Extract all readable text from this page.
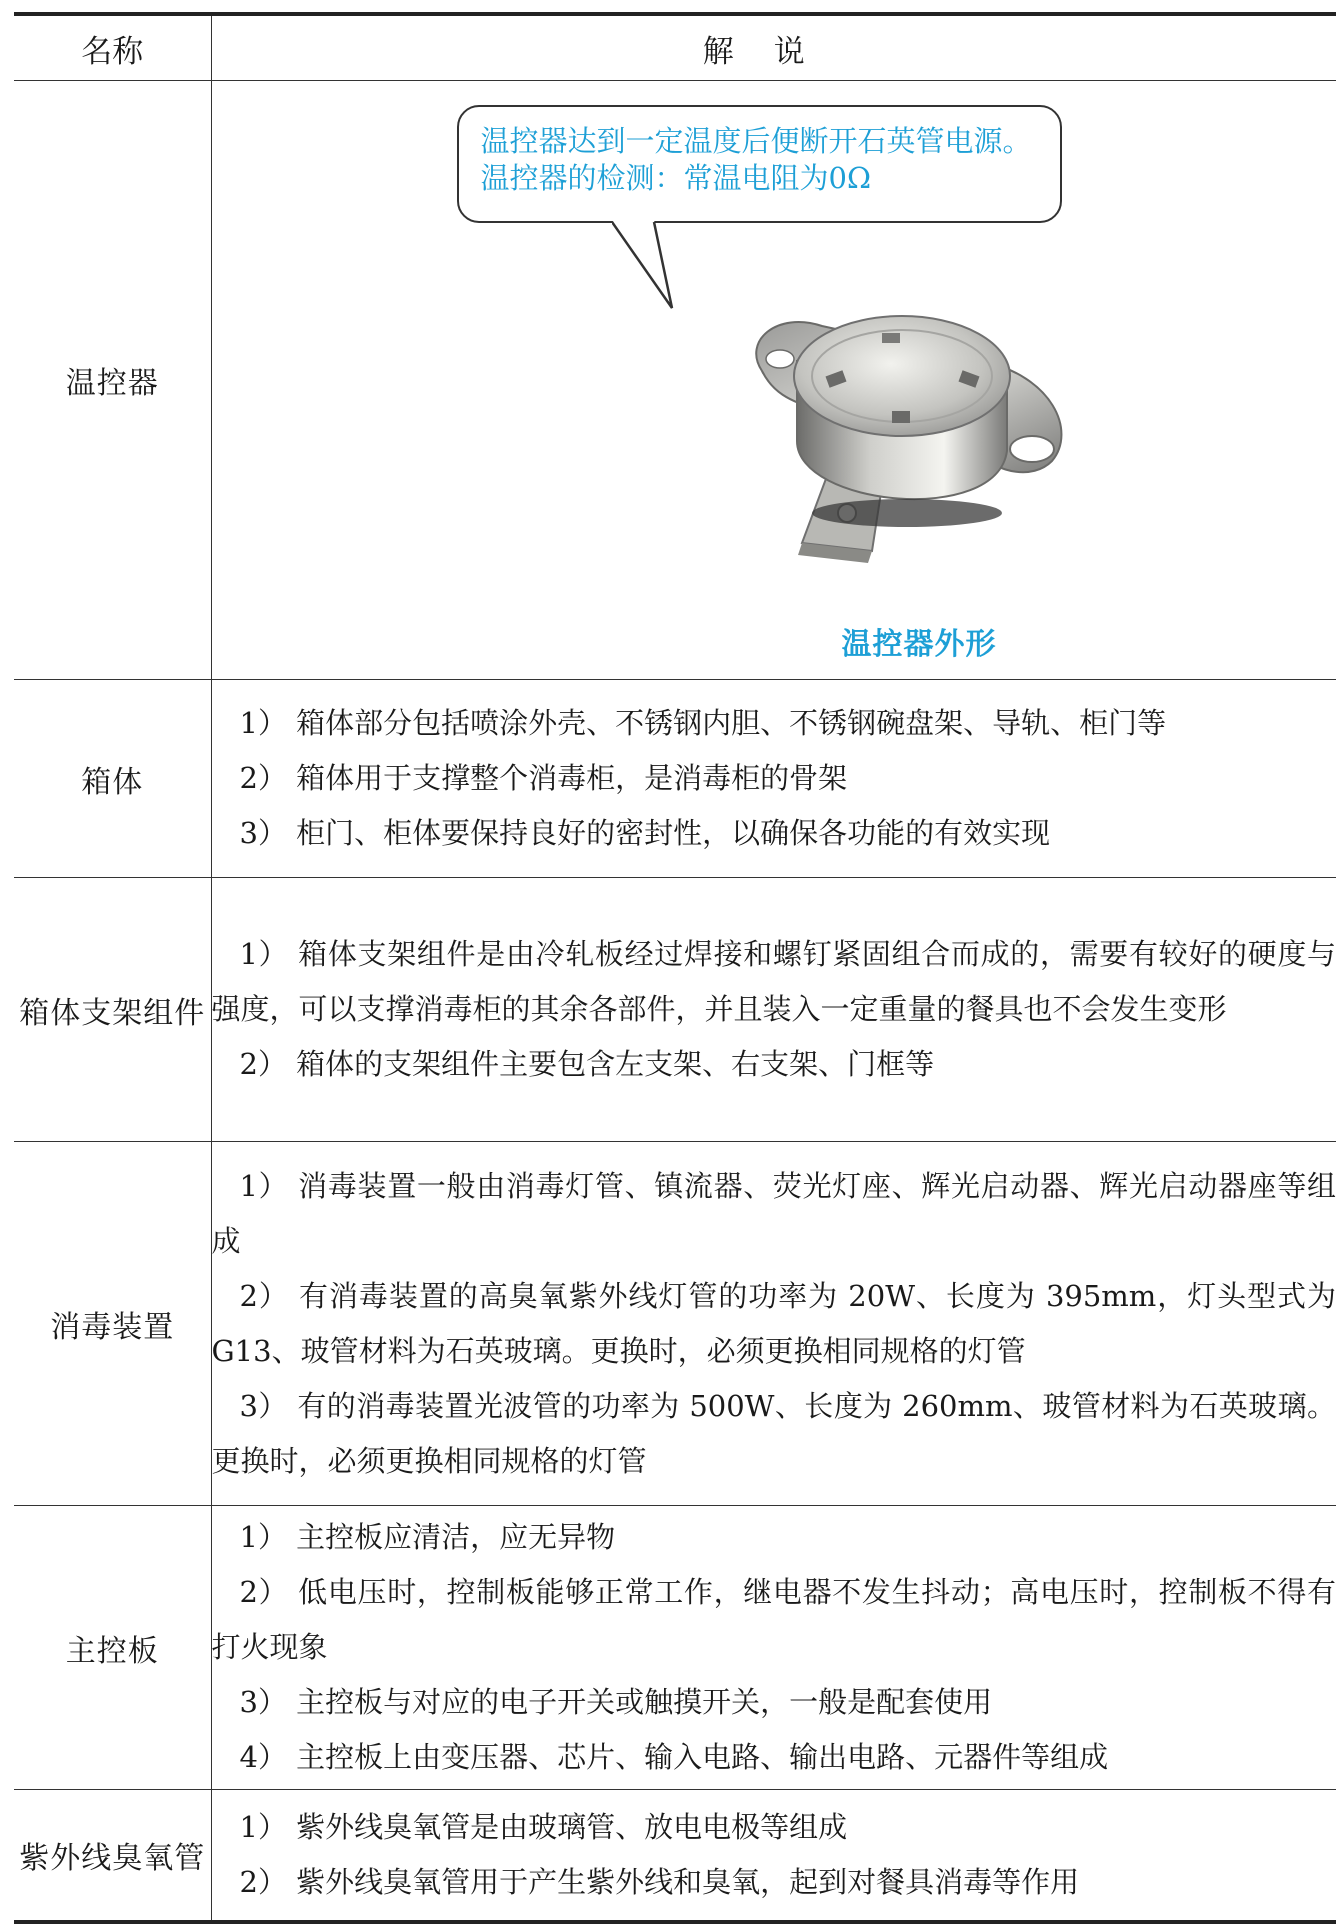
名称	解说
温控器	温控器达到一定温度后便断开石英管电源。
温控器的检测：常温电阻为0Ω
温控器外形

箱体	1） 箱体部分包括喷涂外壳、不锈钢内胆、不锈钢碗盘架、导轨、柜门等

2） 箱体用于支撑整个消毒柜，是消毒柜的骨架

3） 柜门、柜体要保持良好的密封性，以确保各功能的有效实现

箱体支架组件	1） 箱体支架组件是由冷轧板经过焊接和螺钉紧固组合而成的，需要有较好的硬度与强度，可以支撑消毒柜的其余各部件，并且装入一定重量的餐具也不会发生变形

2） 箱体的支架组件主要包含左支架、右支架、门框等

消毒装置	1） 消毒装置一般由消毒灯管、镇流器、荧光灯座、辉光启动器、辉光启动器座等组成

2） 有消毒装置的高臭氧紫外线灯管的功率为 20W、长度为 395mm，灯头型式为 G13、玻管材料为石英玻璃。更换时，必须更换相同规格的灯管

3） 有的消毒装置光波管的功率为 500W、长度为 260mm、玻管材料为石英玻璃。更换时，必须更换相同规格的灯管

主控板	1） 主控板应清洁，应无异物

2） 低电压时，控制板能够正常工作，继电器不发生抖动；高电压时，控制板不得有打火现象

3） 主控板与对应的电子开关或触摸开关，一般是配套使用

4） 主控板上由变压器、芯片、输入电路、输出电路、元器件等组成

紫外线臭氧管	1） 紫外线臭氧管是由玻璃管、放电电极等组成

2） 紫外线臭氧管用于产生紫外线和臭氧，起到对餐具消毒等作用
